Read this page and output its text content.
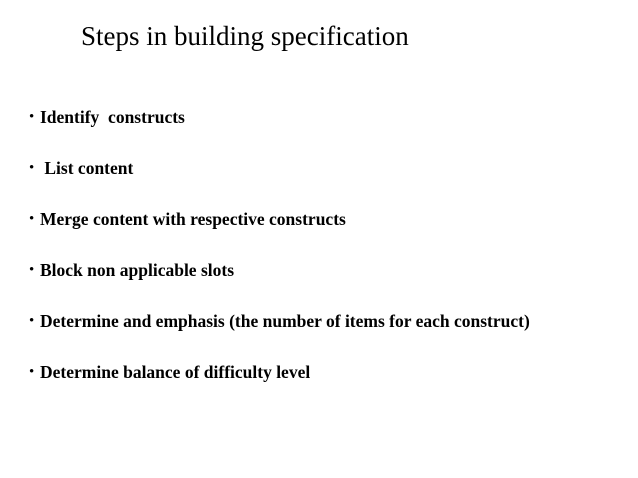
Steps in building specification
• Identify  constructs
• List content
• Merge content with respective constructs
• Block non applicable slots
• Determine and emphasis (the number of items for each construct)
• Determine balance of difficulty level
